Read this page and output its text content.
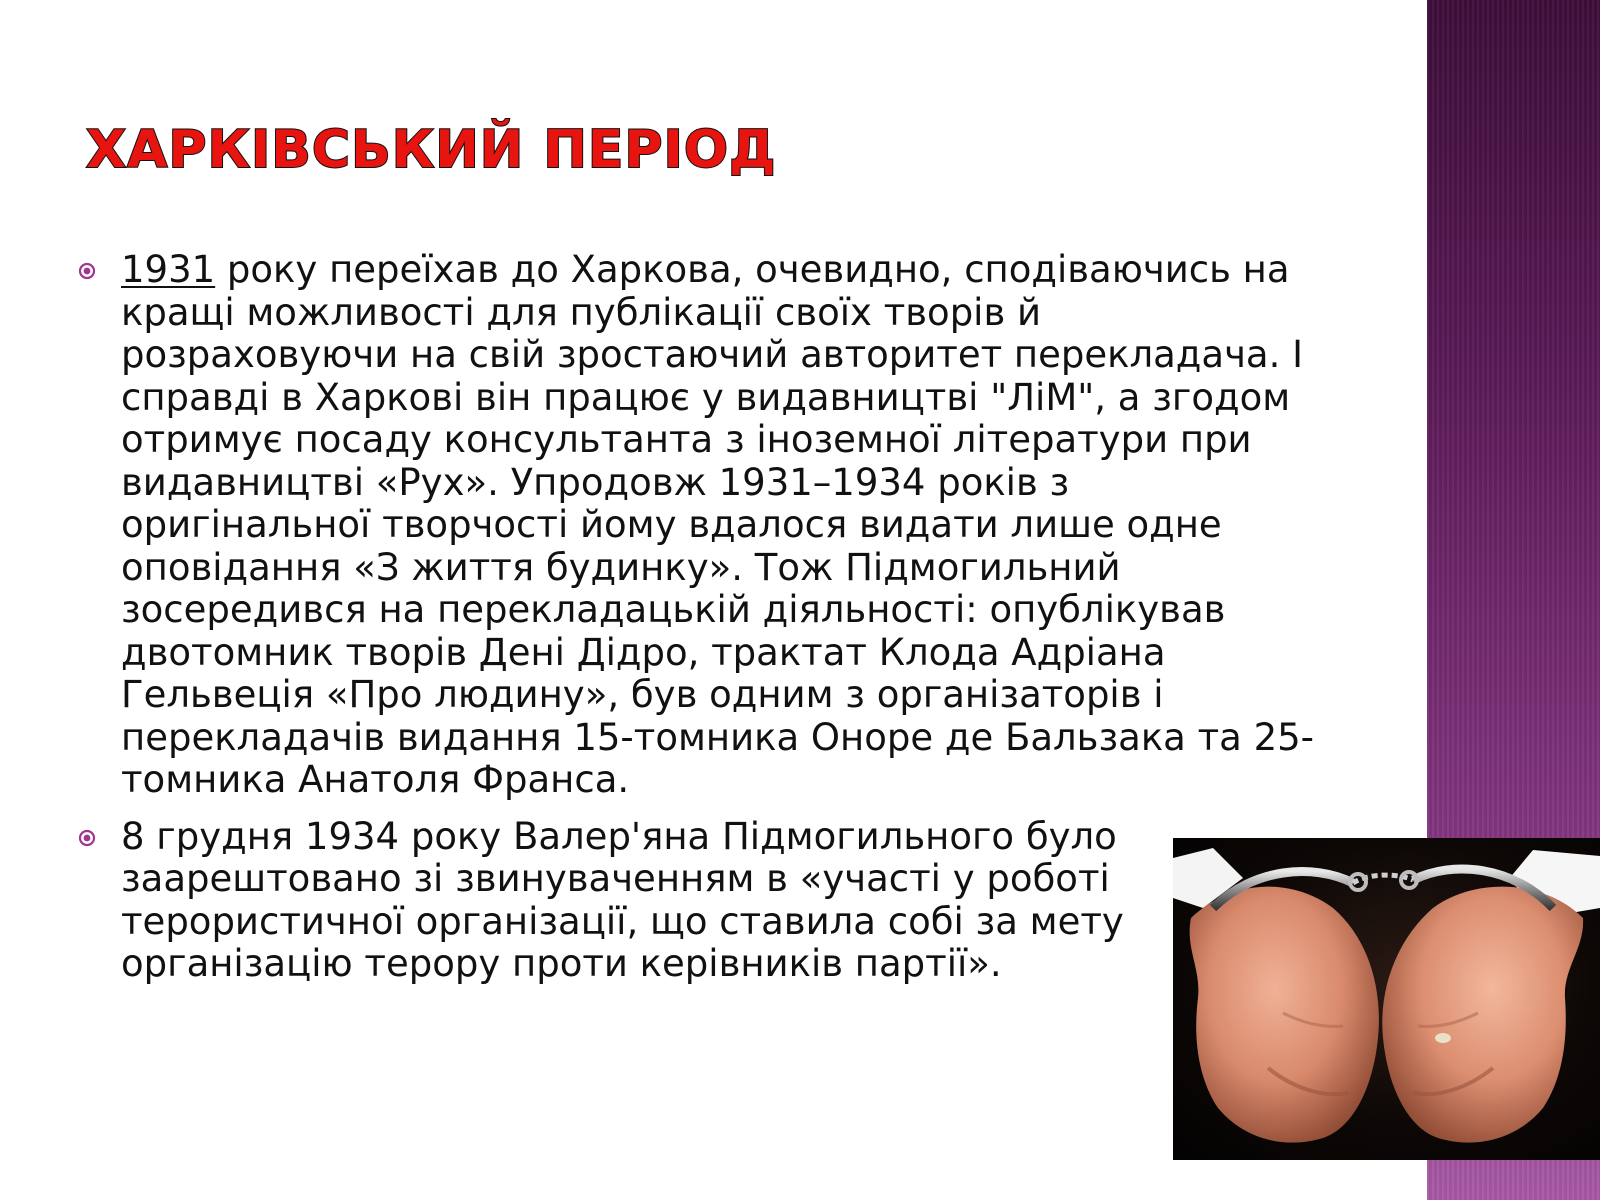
ХАРКІВСЬКИЙ ПЕРІОД
1931 року переїхав до Харкова, очевидно, сподіваючись на кращі можливості для публікації своїх творів й розраховуючи на свій зростаючий авторитет перекладача. І справді в Харкові він працює у видавництві "ЛіМ", а згодом отримує посаду консультанта з іноземної літератури при видавництві «Рух». Упродовж 1931–1934 років з оригінальної творчості йому вдалося видати лише одне оповідання «З життя будинку». Тож Підмогильний зосередився на перекладацькій діяльності: опублікував двотомник творів Дені Дідро, трактат Клода Адріана Гельвеція «Про людину», був одним з організаторів і перекладачів видання 15-томника Оноре де Бальзака та 25-томника Анатоля Франса.
8 грудня 1934 року Валер'яна Підмогильного було заарештовано зі звинуваченням в «участі у роботі терористичної організації, що ставила собі за мету організацію терору проти керівників партії».
